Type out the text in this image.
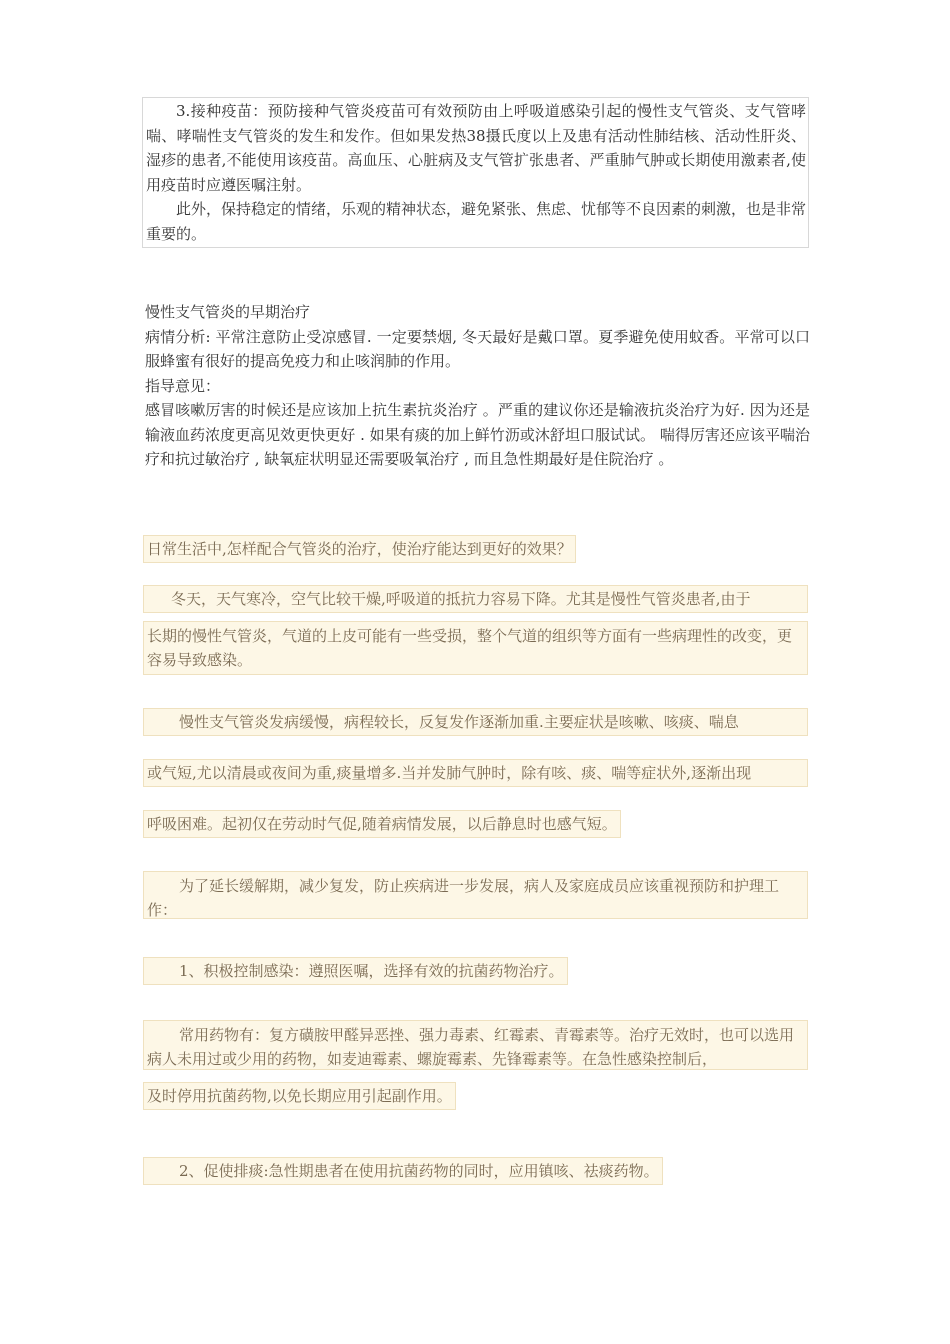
3.接种疫苗：预防接种气管炎疫苗可有效预防由上呼吸道感染引起的慢性支气管炎、支气管哮喘、哮喘性支气管炎的发生和发作。但如果发热38摄氏度以上及患有活动性肺结核、活动性肝炎、湿疹的患者,不能使用该疫苗。高血压、心脏病及支气管扩张患者、严重肺气肿或长期使用激素者,使用疫苗时应遵医嘱注射。

此外，保持稳定的情绪，乐观的精神状态，避免紧张、焦虑、忧郁等不良因素的刺激，也是非常重要的。

慢性支气管炎的早期治疗

病情分析: 平常注意防止受凉感冒. 一定要禁烟, 冬天最好是戴口罩。夏季避免使用蚊香。平常可以口服蜂蜜有很好的提高免疫力和止咳润肺的作用。

指导意见：

感冒咳嗽厉害的时候还是应该加上抗生素抗炎治疗 。严重的建议你还是输液抗炎治疗为好. 因为还是输液血药浓度更高见效更快更好 . 如果有痰的加上鲜竹沥或沐舒坦口服试试。 喘得厉害还应该平喘治疗和抗过敏治疗 , 缺氧症状明显还需要吸氧治疗 , 而且急性期最好是住院治疗 。

日常生活中,怎样配合气管炎的治疗，使治疗能达到更好的效果？
冬天，天气寒冷，空气比较干燥,呼吸道的抵抗力容易下降。尤其是慢性气管炎患者,由于
长期的慢性气管炎，气道的上皮可能有一些受损，整个气道的组织等方面有一些病理性的改变，更容易导致感染。
慢性支气管炎发病缓慢，病程较长，反复发作逐渐加重.主要症状是咳嗽、咳痰、喘息
或气短,尤以清晨或夜间为重,痰量增多.当并发肺气肿时，除有咳、痰、喘等症状外,逐渐出现
呼吸困难。起初仅在劳动时气促,随着病情发展，以后静息时也感气短。
为了延长缓解期，减少复发，防止疾病进一步发展，病人及家庭成员应该重视预防和护理工作：
1、积极控制感染：遵照医嘱，选择有效的抗菌药物治疗。
常用药物有：复方磺胺甲醛异恶挫、强力毒素、红霉素、青霉素等。治疗无效时，也可以选用病人未用过或少用的药物，如麦迪霉素、螺旋霉素、先锋霉素等。在急性感染控制后，
及时停用抗菌药物,以免长期应用引起副作用。
2、促使排痰:急性期患者在使用抗菌药物的同时，应用镇咳、祛痰药物。
